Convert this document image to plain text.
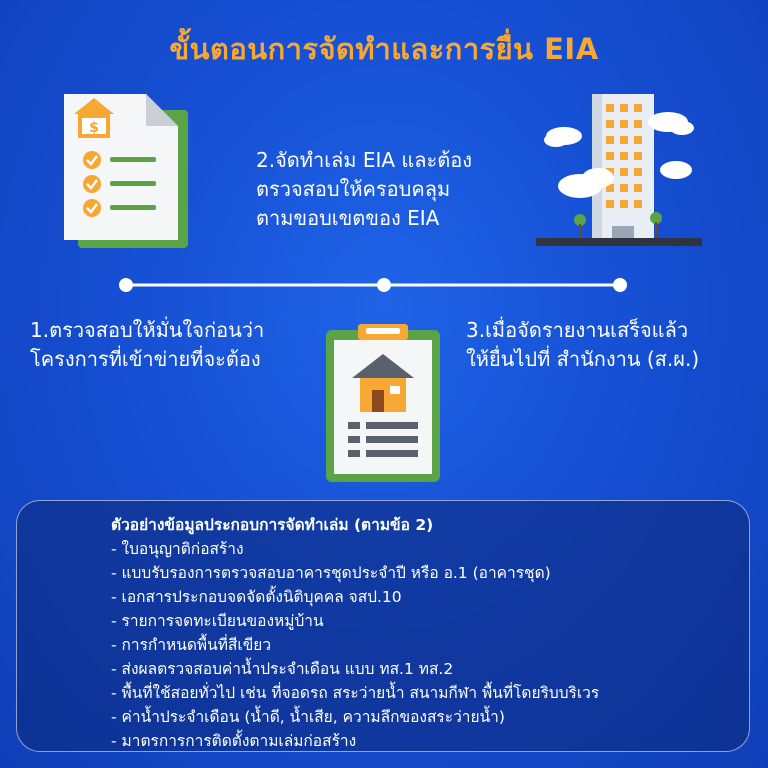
ขั้นตอนการจัดทำและการยื่น EIA
$
2.จัดทำเล่ม EIA และต้อง
ตรวจสอบให้ครอบคลุม
ตามขอบเขตของ EIA
1.ตรวจสอบให้มั่นใจก่อนว่า
โครงการที่เข้าข่ายที่จะต้อง
3.เมื่อจัดรายงานเสร็จแล้ว
ให้ยื่นไปที่ สำนักงาน (ส.ผ.)
ตัวอย่างข้อมูลประกอบการจัดทำเล่ม (ตามข้อ 2)
- ใบอนุญาติก่อสร้าง
- แบบรับรองการตรวจสอบอาคารชุดประจำปี หรือ อ.1 (อาคารชุด)
- เอกสารประกอบจดจัดตั้งนิติบุคคล จสป.10
- รายการจดทะเบียนของหมู่บ้าน
- การกำหนดพื้นที่สีเขียว
- ส่งผลตรวจสอบค่าน้ำประจำเดือน แบบ ทส.1 ทส.2
- พื้นที่ใช้สอยทั่วไป เช่น ที่จอดรถ สระว่ายน้ำ สนามกีฬา พื้นที่โดยริบบริเวร
- ค่าน้ำประจำเดือน (น้ำดี, น้ำเสีย, ความลึกของสระว่ายน้ำ)
- มาตรการการติดตั้งตามเล่มก่อสร้าง
